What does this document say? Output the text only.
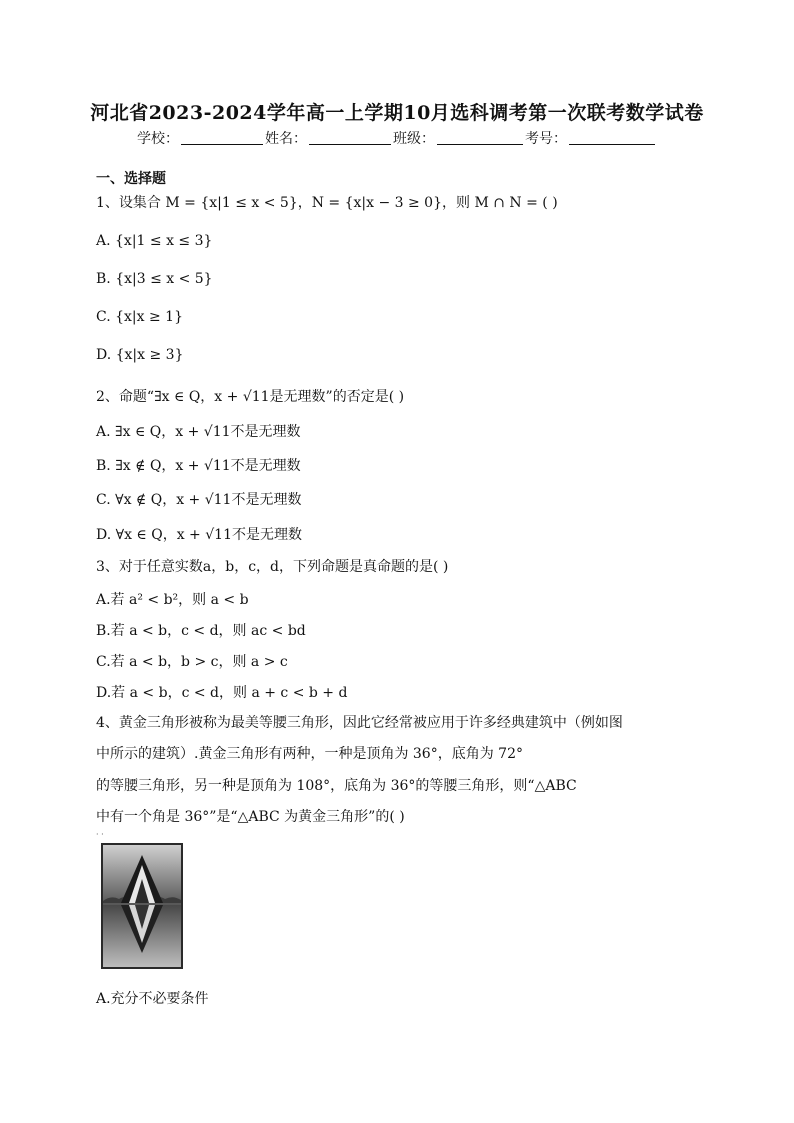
河北省2023-2024学年高一上学期10月选科调考第一次联考数学试卷
学校：	姓名：	班级：	考号：
一、选择题
1、设集合 M = {x|1 ≤ x < 5}，N = {x|x − 3 ≥ 0}，则 M ∩ N = ( )
A. {x|1 ≤ x ≤ 3}
B. {x|3 ≤ x < 5}
C. {x|x ≥ 1}
D. {x|x ≥ 3}
2、命题“∃x ∈ Q，x + √11是无理数”的否定是( )
A. ∃x ∈ Q，x + √11不是无理数
B. ∃x ∉ Q，x + √11不是无理数
C. ∀x ∉ Q，x + √11不是无理数
D. ∀x ∈ Q，x + √11不是无理数
3、对于任意实数a，b，c，d，下列命题是真命题的是( )
A.若 a² < b²，则 a < b
B.若 a < b，c < d，则 ac < bd
C.若 a < b，b > c，则 a > c
D.若 a < b，c < d，则 a + c < b + d
4、黄金三角形被称为最美等腰三角形，因此它经常被应用于许多经典建筑中（例如图
中所示的建筑）.黄金三角形有两种，一种是顶角为 36°，底角为 72°
的等腰三角形，另一种是顶角为 108°，底角为 36°的等腰三角形，则“△ABC
中有一个角是 36°”是“△ABC 为黄金三角形”的( )
· ·
A.充分不必要条件
